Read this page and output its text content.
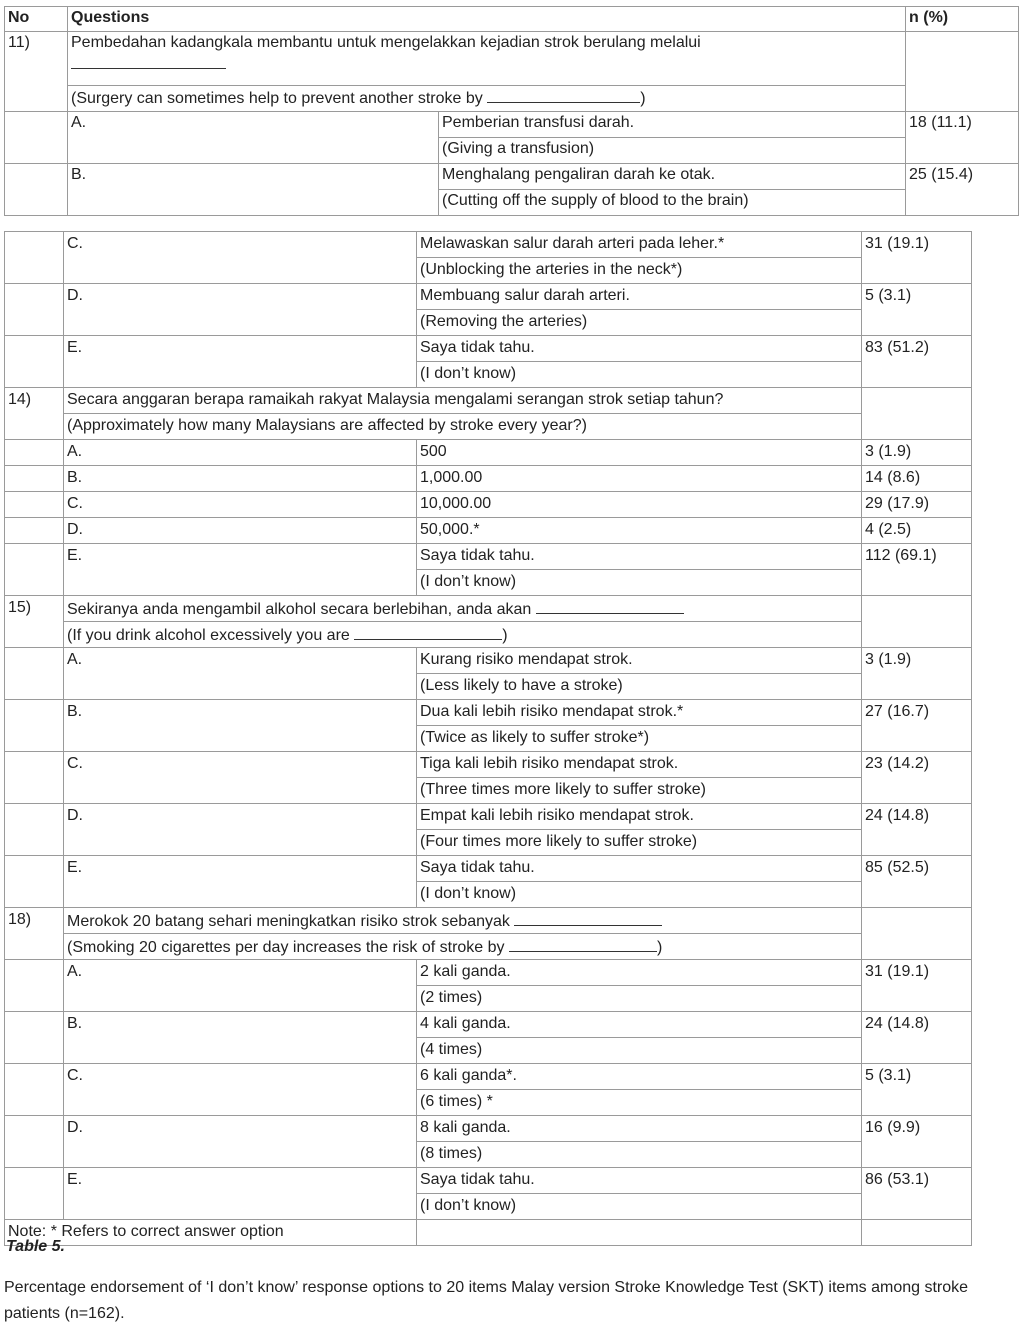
No	Questions		n (%)
11)	Pembedahan kadangkala membantu untuk mengelakkan kejadian strok berulang melalui	

	(Surgery can sometimes help to prevent another stroke by )		
	A.	Pemberian transfusi darah.	18 (11.1)
		(Giving a transfusion)	
	B.	Menghalang pengaliran darah ke otak.	25 (15.4)
		(Cutting off the supply of blood to the brain)	
	C.	Melawaskan salur darah arteri pada leher.*	31 (19.1)
		(Unblocking the arteries in the neck*)	
	D.	Membuang salur darah arteri.	5 (3.1)
		(Removing the arteries)	
	E.	Saya tidak tahu.	83 (51.2)
		(I don’t know)	
14)	Secara anggaran berapa ramaikah rakyat Malaysia mengalami serangan strok setiap tahun?		
	(Approximately how many Malaysians are affected by stroke every year?)		
	A.	500	3 (1.9)
	B.	1,000.00	14 (8.6)
	C.	10,000.00	29 (17.9)
	D.	50,000.*	4 (2.5)
	E.	Saya tidak tahu.	112 (69.1)
		(I don’t know)	
15)	Sekiranya anda mengambil alkohol secara berlebihan, anda akan		
	(If you drink alcohol excessively you are )		
	A.	Kurang risiko mendapat strok.	3 (1.9)
		(Less likely to have a stroke)	
	B.	Dua kali lebih risiko mendapat strok.*	27 (16.7)
		(Twice as likely to suffer stroke*)	
	C.	Tiga kali lebih risiko mendapat strok.	23 (14.2)
		(Three times more likely to suffer stroke)	
	D.	Empat kali lebih risiko mendapat strok.	24 (14.8)
		(Four times more likely to suffer stroke)	
	E.	Saya tidak tahu.	85 (52.5)
		(I don’t know)	
18)	Merokok 20 batang sehari meningkatkan risiko strok sebanyak		
	(Smoking 20 cigarettes per day increases the risk of stroke by )		
	A.	2 kali ganda.	31 (19.1)
		(2 times)	
	B.	4 kali ganda.	24 (14.8)
		(4 times)	
	C.	6 kali ganda*.	5 (3.1)
		(6 times) *	
	D.	8 kali ganda.	16 (9.9)
		(8 times)	
	E.	Saya tidak tahu.	86 (53.1)
		(I don’t know)	
Note: * Refers to correct answer option			
Table 5.
Percentage endorsement of ‘I don’t know’ response options to 20 items Malay version Stroke Knowledge Test (SKT) items among stroke patients (n=162).
